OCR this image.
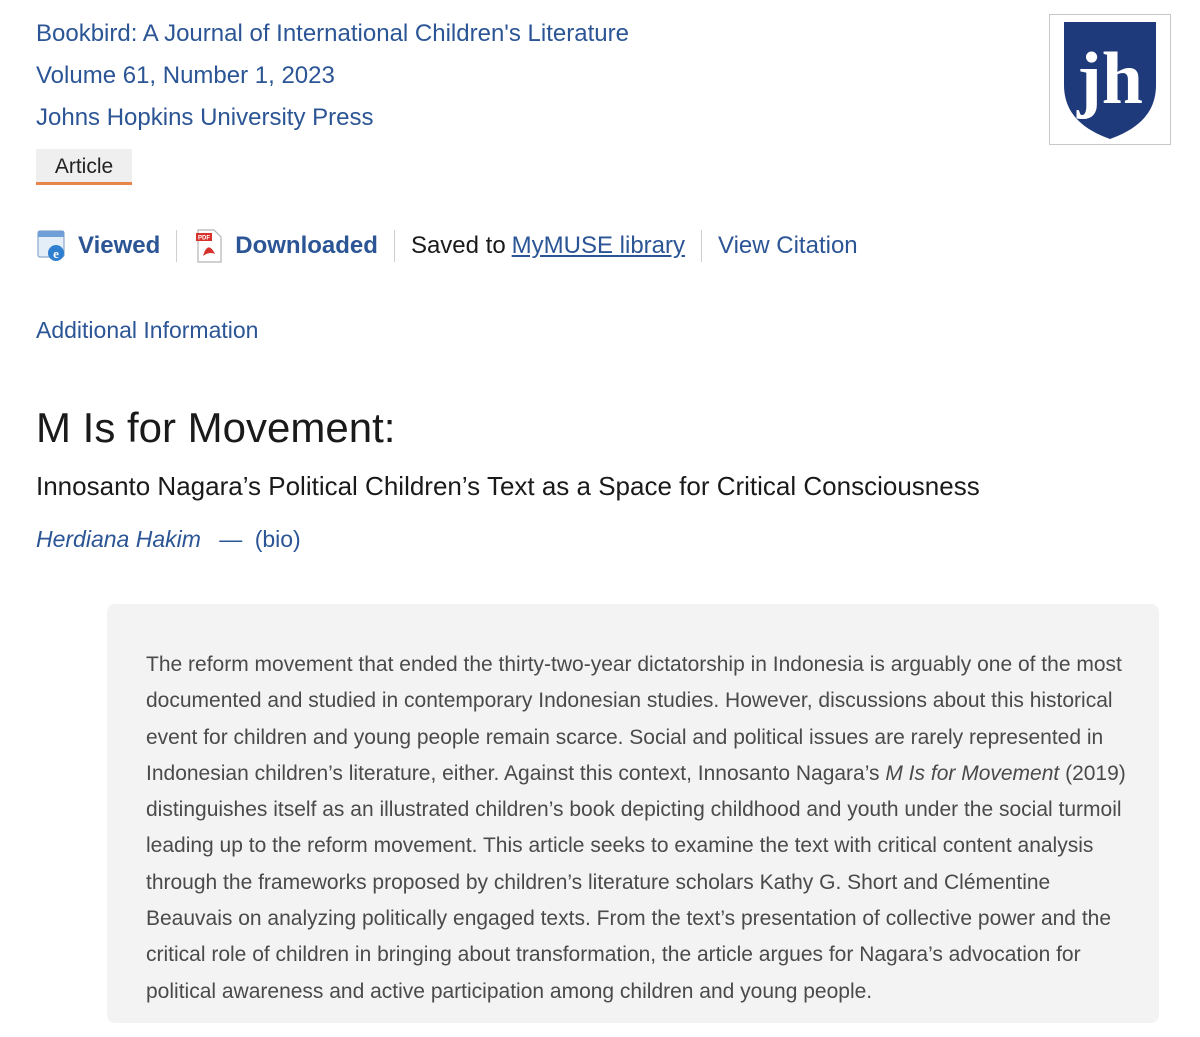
Bookbird: A Journal of International Children's Literature
Volume 61, Number 1, 2023
Johns Hopkins University Press	jh
Article
e Viewed	PDF Downloaded Saved to MyMUSE library View Citation
Additional Information
M Is for Movement:
Innosanto Nagara’s Political Children’s Text as a Space for Critical Consciousness
Herdiana Hakim — (bio)

The reform movement that ended the thirty-two-year dictatorship in Indonesia is arguably one of the most documented and studied in contemporary Indonesian studies. However, discussions about this historical event for children and young people remain scarce. Social and political issues are rarely represented in Indonesian children’s literature, either. Against this context, Innosanto Nagara’s M Is for Movement (2019) distinguishes itself as an illustrated children’s book depicting childhood and youth under the social turmoil leading up to the reform movement. This article seeks to examine the text with critical content analysis through the frameworks proposed by children’s literature scholars Kathy G. Short and Clémentine Beauvais on analyzing politically engaged texts. From the text’s presentation of collective power and the critical role of children in bringing about transformation, the article argues for Nagara’s advocation for political awareness and active participation among children and young people.
